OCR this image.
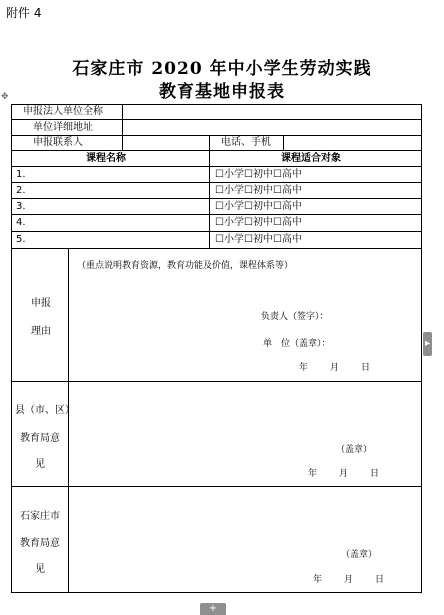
附件 4
石家庄市 2020 年中小学生劳动实践
教育基地申报表
✥
▸
+
申报法人单位全称
单位详细地址
申报联系人	电话、手机
课程名称	课程适合对象
1.
2.
3.
4.
5.
☐小学☐初中☐高中
☐小学☐初中☐高中
☐小学☐初中☐高中
☐小学☐初中☐高中
☐小学☐初中☐高中
申报
理由
（重点说明教育资源，教育功能及价值，课程体系等）
负责人（签字）：
单　位（盖章）：
年 月 日
县（市、区）
教育局意
见
（盖章）
年 月 日
石家庄市
教育局意
见
（盖章）
年 月 日
